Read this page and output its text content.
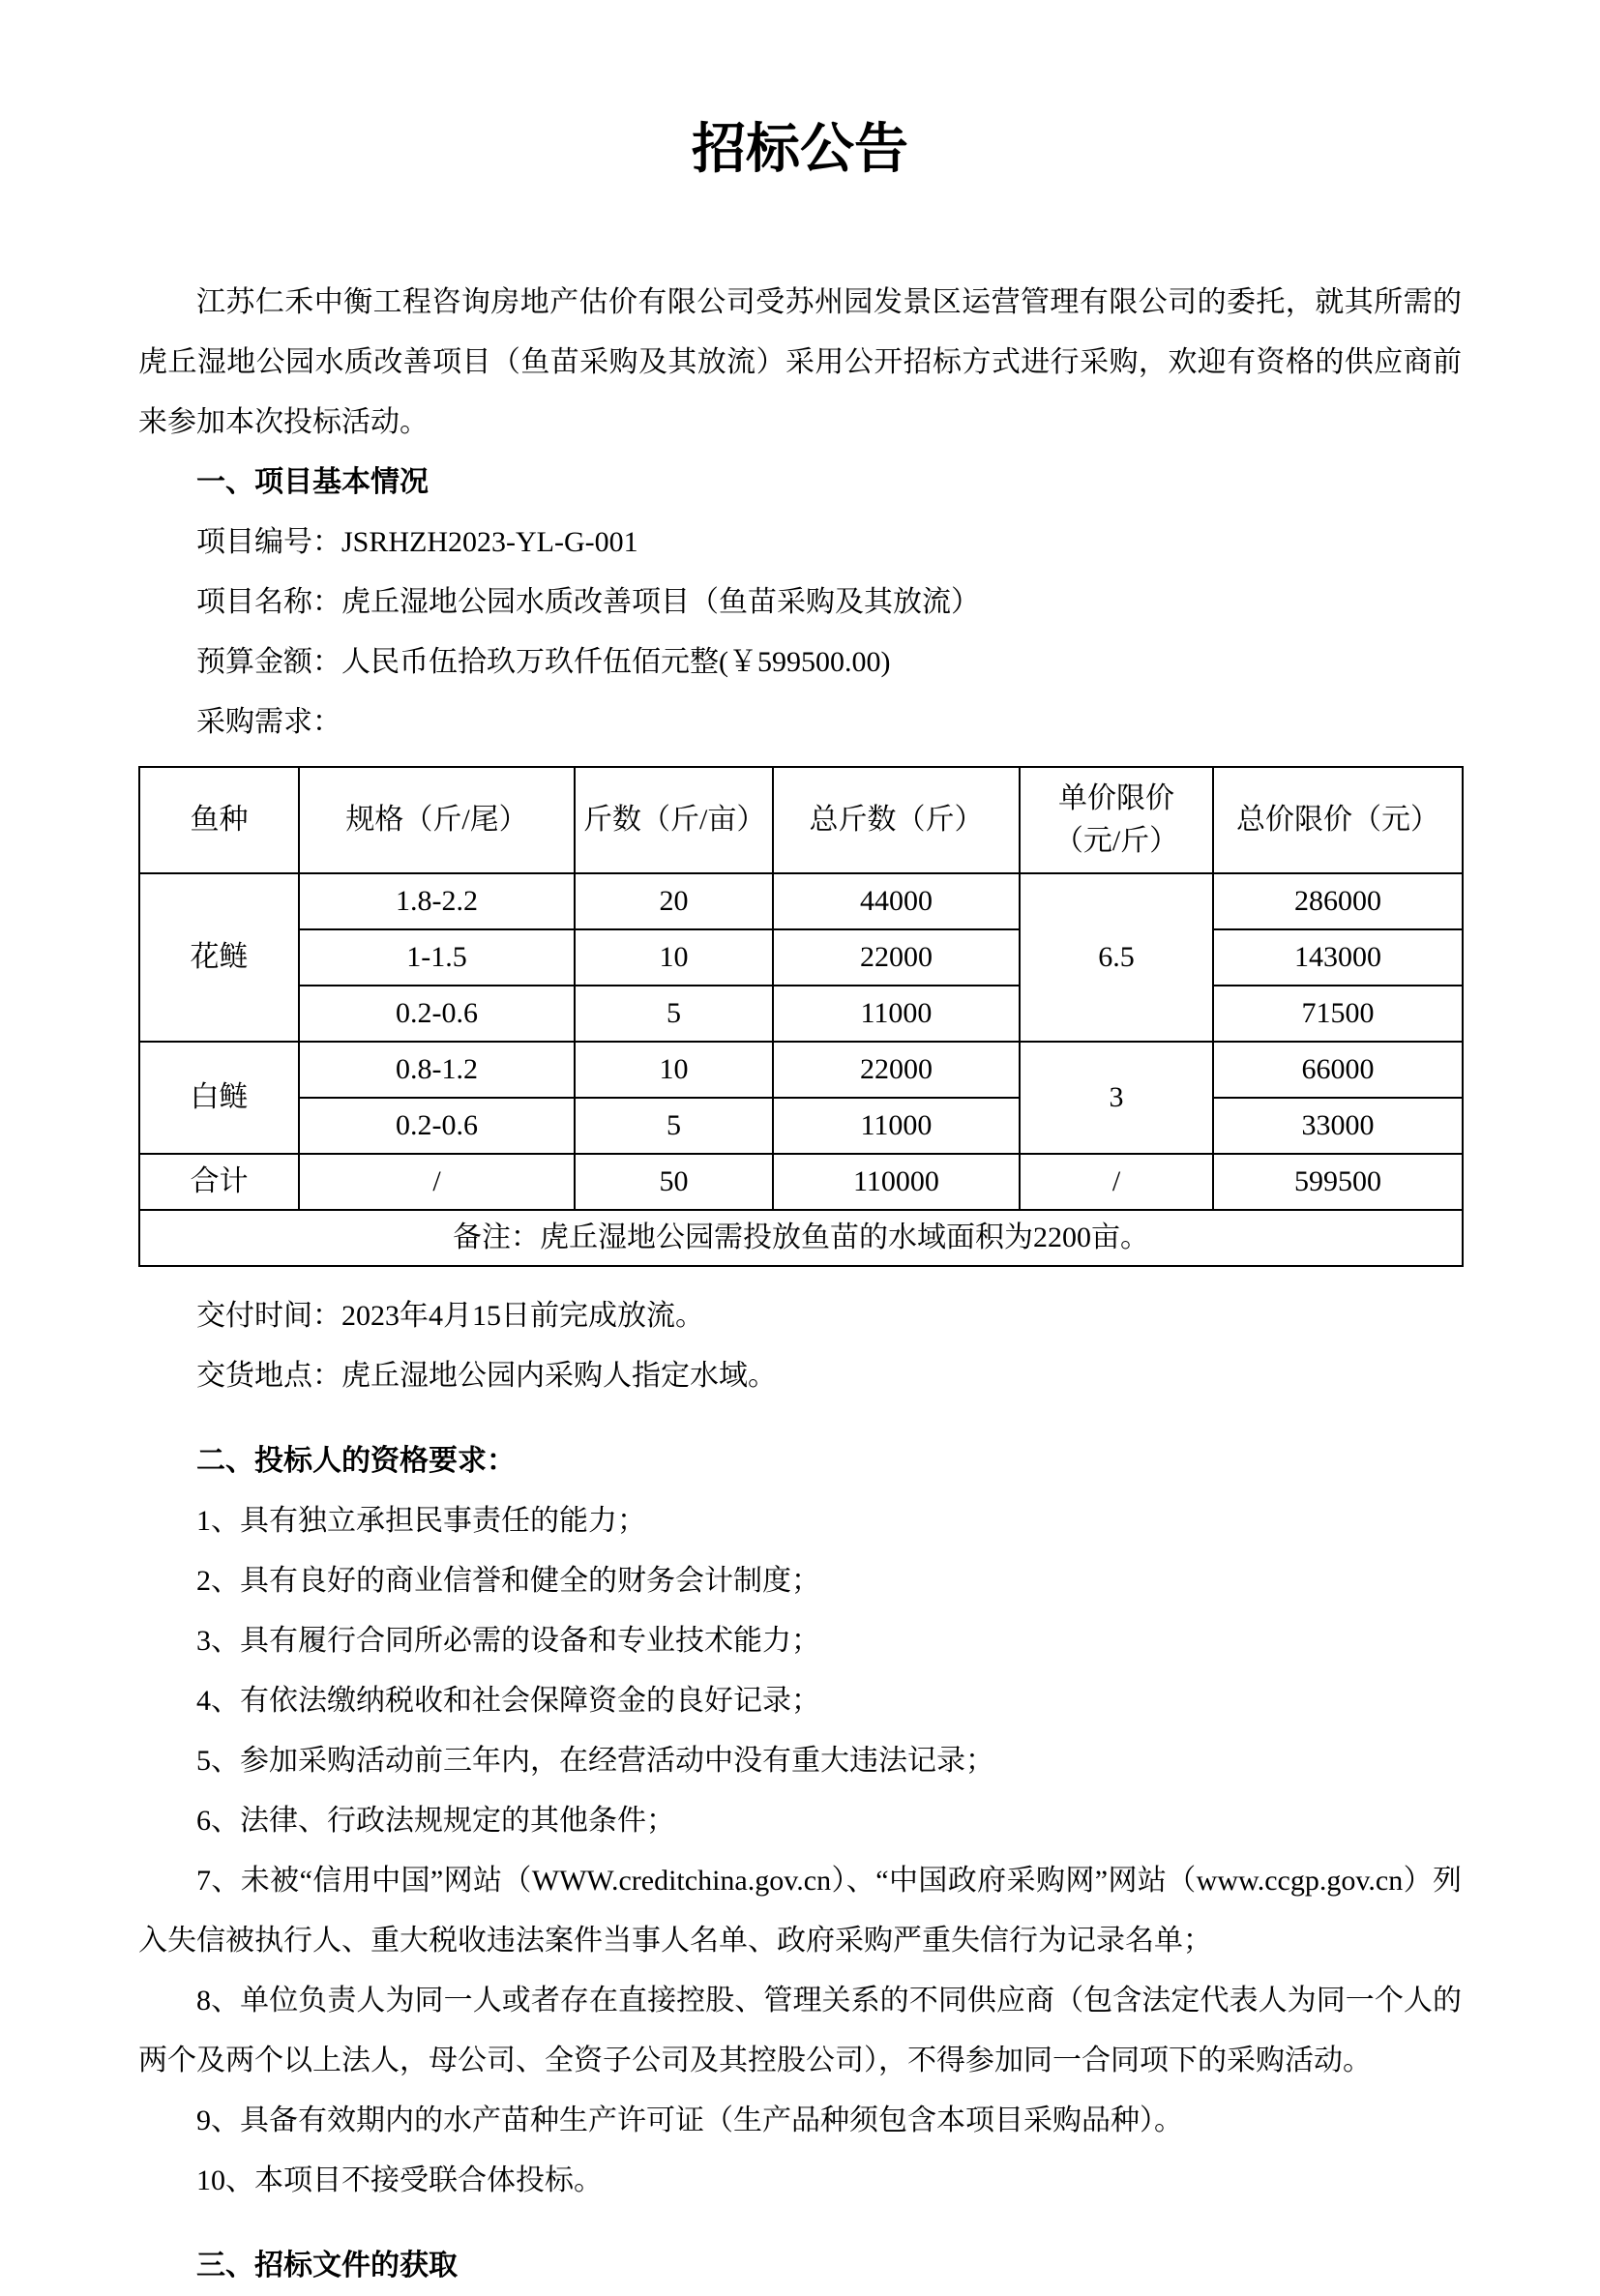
招标公告

江苏仁禾中衡工程咨询房地产估价有限公司受苏州园发景区运营管理有限公司的委托，就其所需的虎丘湿地公园水质改善项目（鱼苗采购及其放流）采用公开招标方式进行采购，欢迎有资格的供应商前来参加本次投标活动。

一、项目基本情况

项目编号：JSRHZH2023-YL-G-001

项目名称：虎丘湿地公园水质改善项目（鱼苗采购及其放流）

预算金额：人民币伍拾玖万玖仟伍佰元整(￥599500.00)

采购需求：

鱼种	规格（斤/尾）	斤数（斤/亩）	总斤数（斤）	单价限价（元/斤）	总价限价（元）
花鲢	1.8-2.2	20	44000	6.5	286000
	1-1.5	10	22000		143000
	0.2-0.6	5	11000		71500
白鲢	0.8-1.2	10	22000	3	66000
	0.2-0.6	5	11000		33000
合计	/	50	110000	/	599500
备注：虎丘湿地公园需投放鱼苗的水域面积为2200亩。					

交付时间：2023年4月15日前完成放流。

交货地点：虎丘湿地公园内采购人指定水域。

二、投标人的资格要求：

1、具有独立承担民事责任的能力；

2、具有良好的商业信誉和健全的财务会计制度；

3、具有履行合同所必需的设备和专业技术能力；

4、有依法缴纳税收和社会保障资金的良好记录；

5、参加采购活动前三年内，在经营活动中没有重大违法记录；

6、法律、行政法规规定的其他条件；

7、未被“信用中国”网站（WWW.creditchina.gov.cn）、“中国政府采购网”网站（www.ccgp.gov.cn）列入失信被执行人、重大税收违法案件当事人名单、政府采购严重失信行为记录名单；

8、单位负责人为同一人或者存在直接控股、管理关系的不同供应商（包含法定代表人为同一个人的两个及两个以上法人，母公司、全资子公司及其控股公司），不得参加同一合同项下的采购活动。

9、具备有效期内的水产苗种生产许可证（生产品种须包含本项目采购品种）。

10、本项目不接受联合体投标。

三、招标文件的获取
